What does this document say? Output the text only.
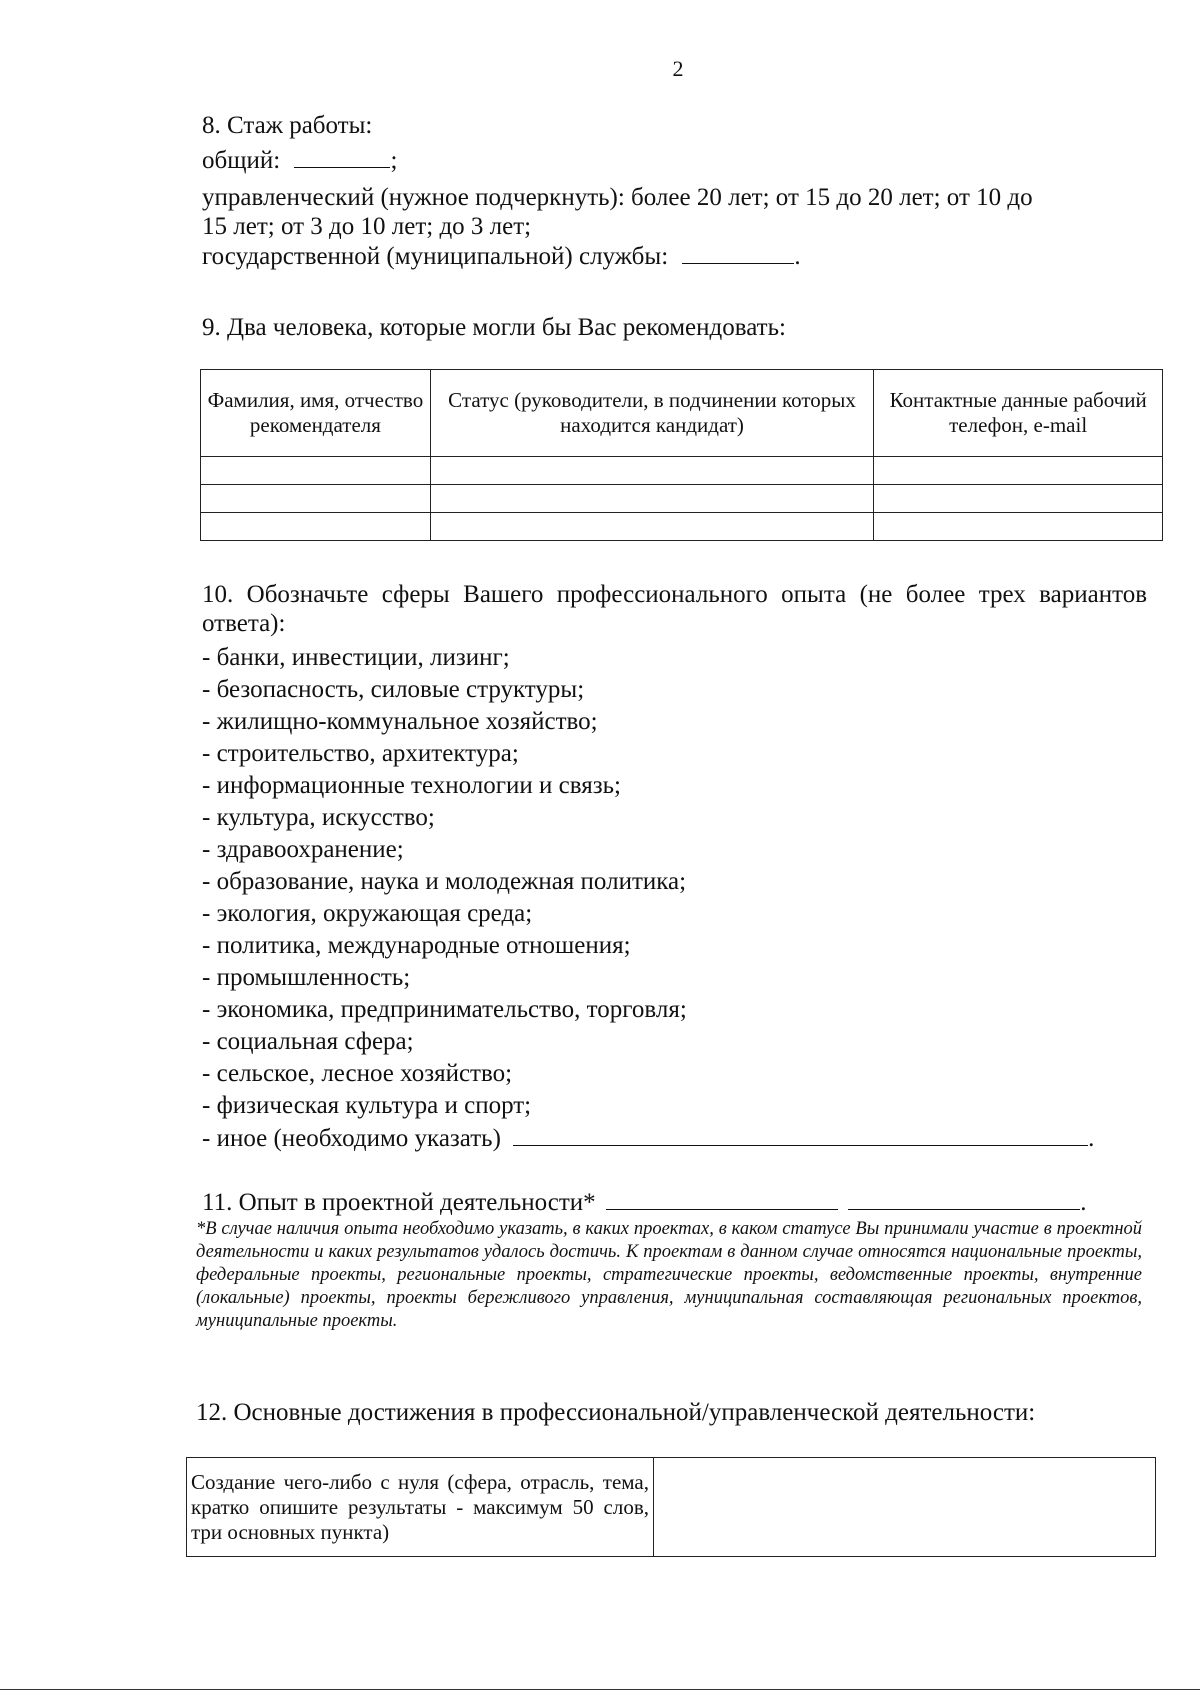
2
8. Стаж работы:
общий:	;
управленческий (нужное подчеркнуть): более 20 лет; от 15 до 20 лет; от 10 до
15 лет; от 3 до 10 лет; до 3 лет;
государственной (муниципальной) службы:	.
9. Два человека, которые могли бы Вас рекомендовать:
Фамилия, имя, отчество рекомендателя	Статус (руководители, в подчинении которых находится кандидат)	Контактные данные рабочий телефон, e-mail

10. Обозначьте сферы Вашего профессионального опыта (не более трех вариантов ответа):
- банки, инвестиции, лизинг;
- безопасность, силовые структуры;
- жилищно-коммунальное хозяйство;
- строительство, архитектура;
- информационные технологии и связь;
- культура, искусство;
- здравоохранение;
- образование, наука и молодежная политика;
- экология, окружающая среда;
- политика, международные отношения;
- промышленность;
- экономика, предпринимательство, торговля;
- социальная сфера;
- сельское, лесное хозяйство;
- физическая культура и спорт;
- иное (необходимо указать)	.
11. Опыт в проектной деятельности*	.
*В случае наличия опыта необходимо указать, в каких проектах, в каком статусе Вы принимали участие в проектной деятельности и каких результатов удалось достичь. К проектам в данном случае относятся национальные проекты, федеральные проекты, региональные проекты, стратегические проекты, ведомственные проекты, внутренние (локальные) проекты, проекты бережливого управления, муниципальная составляющая региональных проектов, муниципальные проекты.
12. Основные достижения в профессиональной/управленческой деятельности:
Создание чего-либо с нуля (сфера, отрасль, тема, кратко опишите результаты - максимум 50 слов, три основных пункта)	
